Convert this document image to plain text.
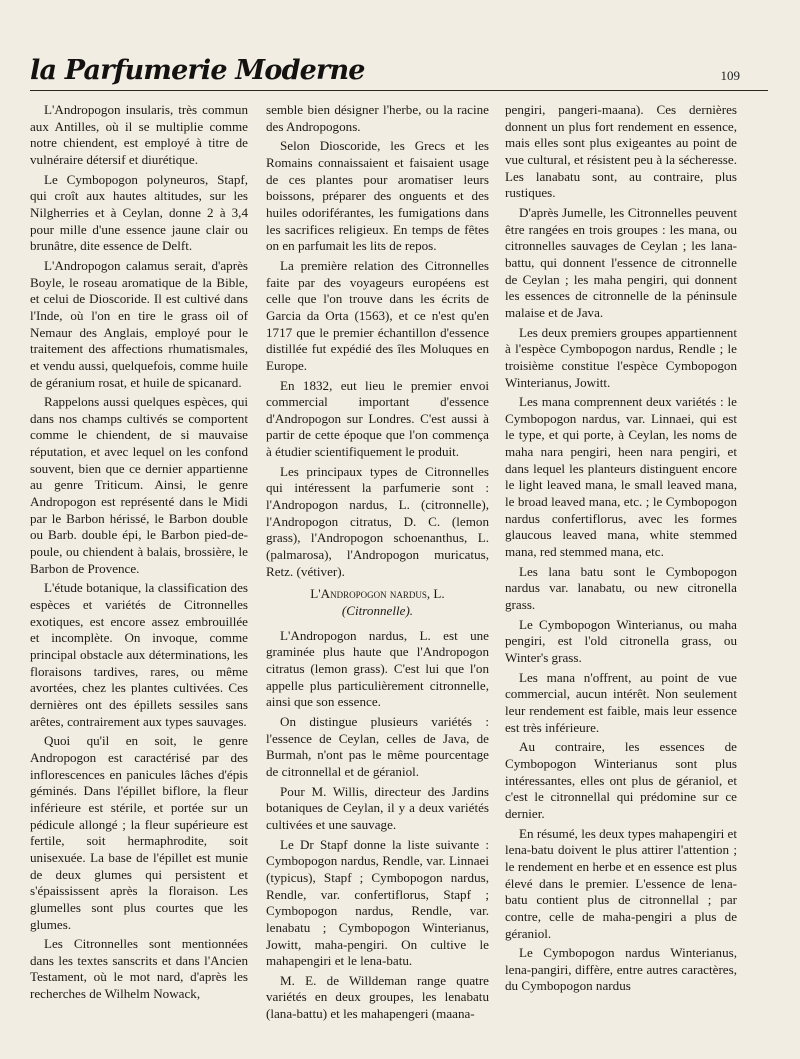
la Parfumerie Moderne	109

L'Andropogon insularis, très commun aux Antilles, où il se multiplie comme notre chiendent, est employé à titre de vulnéraire détersif et diurétique.

Le Cymbopogon polyneuros, Stapf, qui croît aux hautes altitudes, sur les Nilgherries et à Ceylan, donne 2 à 3,4 pour mille d'une essence jaune clair ou brunâtre, dite essence de Delft.

L'Andropogon calamus serait, d'après Boyle, le roseau aromatique de la Bible, et celui de Dioscoride. Il est cultivé dans l'Inde, où l'on en tire le grass oil of Nemaur des Anglais, employé pour le traitement des affections rhumatismales, et vendu aussi, quelquefois, comme huile de géranium rosat, et huile de spicanard.

Rappelons aussi quelques espèces, qui dans nos champs cultivés se comportent comme le chiendent, de si mauvaise réputation, et avec lequel on les confond souvent, bien que ce dernier appartienne au genre Triticum. Ainsi, le genre Andropogon est représenté dans le Midi par le Barbon hérissé, le Barbon double ou Barb. double épi, le Barbon pied-de-poule, ou chiendent à balais, brossière, le Barbon de Provence.

L'étude botanique, la classification des espèces et variétés de Citronnelles exotiques, est encore assez embrouillée et incomplète. On invoque, comme principal obstacle aux déterminations, les floraisons tardives, rares, ou même avortées, chez les plantes cultivées. Ces dernières ont des épillets sessiles sans arêtes, contrairement aux types sauvages.

Quoi qu'il en soit, le genre Andropogon est caractérisé par des inflorescences en panicules lâches d'épis géminés. Dans l'épillet biflore, la fleur inférieure est stérile, et portée sur un pédicule allongé ; la fleur supérieure est fertile, soit hermaphrodite, soit unisexuée. La base de l'épillet est munie de deux glumes qui persistent et s'épaississent après la floraison. Les glumelles sont plus courtes que les glumes.

Les Citronnelles sont mentionnées dans les textes sanscrits et dans l'Ancien Testament, où le mot nard, d'après les recherches de Wilhelm Nowack,

semble bien désigner l'herbe, ou la racine des Andropogons.

Selon Dioscoride, les Grecs et les Romains connaissaient et faisaient usage de ces plantes pour aromatiser leurs boissons, préparer des onguents et des huiles odoriférantes, les fumigations dans les sacrifices religieux. En temps de fêtes on en parfumait les lits de repos.

La première relation des Citronnelles faite par des voyageurs européens est celle que l'on trouve dans les écrits de Garcia da Orta (1563), et ce n'est qu'en 1717 que le premier échantillon d'essence distillée fut expédié des îles Moluques en Europe.

En 1832, eut lieu le premier envoi commercial important d'essence d'Andropogon sur Londres. C'est aussi à partir de cette époque que l'on commença à étudier scientifiquement le produit.

Les principaux types de Citronnelles qui intéressent la parfumerie sont : l'Andropogon nardus, L. (citronnelle), l'Andropogon citratus, D. C. (lemon grass), l'Andropogon schoenanthus, L. (palmarosa), l'Andropogon muricatus, Retz. (vétiver).

L'Andropogon nardus, L.

(Citronnelle).

L'Andropogon nardus, L. est une graminée plus haute que l'Andropogon citratus (lemon grass). C'est lui que l'on appelle plus particulièrement citronnelle, ainsi que son essence.

On distingue plusieurs variétés : l'essence de Ceylan, celles de Java, de Burmah, n'ont pas le même pourcentage de citronnellal et de géraniol.

Pour M. Willis, directeur des Jardins botaniques de Ceylan, il y a deux variétés cultivées et une sauvage.

Le Dr Stapf donne la liste suivante : Cymbopogon nardus, Rendle, var. Linnaei (typicus), Stapf ; Cymbopogon nardus, Rendle, var. confertiflorus, Stapf ; Cymbopogon nardus, Rendle, var. lenabatu ; Cymbopogon Winterianus, Jowitt, maha-pengiri. On cultive le mahapengiri et le lena-batu.

M. E. de Willdeman range quatre variétés en deux groupes, les lenabatu (lana-battu) et les mahapengeri (maana-

pengiri, pangeri-maana). Ces dernières donnent un plus fort rendement en essence, mais elles sont plus exigeantes au point de vue cultural, et résistent peu à la sécheresse. Les lanabatu sont, au contraire, plus rustiques.

D'après Jumelle, les Citronnelles peuvent être rangées en trois groupes : les mana, ou citronnelles sauvages de Ceylan ; les lana-battu, qui donnent l'essence de citronnelle de Ceylan ; les maha pengiri, qui donnent les essences de citronnelle de la péninsule malaise et de Java.

Les deux premiers groupes appartiennent à l'espèce Cymbopogon nardus, Rendle ; le troisième constitue l'espèce Cymbopogon Winterianus, Jowitt.

Les mana comprennent deux variétés : le Cymbopogon nardus, var. Linnaei, qui est le type, et qui porte, à Ceylan, les noms de maha nara pengiri, heen nara pengiri, et dans lequel les planteurs distinguent encore le light leaved mana, le small leaved mana, le broad leaved mana, etc. ; le Cymbopogon nardus confertiflorus, avec les formes glaucous leaved mana, white stemmed mana, red stemmed mana, etc.

Les lana batu sont le Cymbopogon nardus var. lanabatu, ou new citronella grass.

Le Cymbopogon Winterianus, ou maha pengiri, est l'old citronella grass, ou Winter's grass.

Les mana n'offrent, au point de vue commercial, aucun intérêt. Non seulement leur rendement est faible, mais leur essence est très inférieure.

Au contraire, les essences de Cymbopogon Winterianus sont plus intéressantes, elles ont plus de géraniol, et c'est le citronnellal qui prédomine sur ce dernier.

En résumé, les deux types mahapengiri et lena-batu doivent le plus attirer l'attention ; le rendement en herbe et en essence est plus élevé dans le premier. L'essence de lena-batu contient plus de citronnellal ; par contre, celle de maha-pengiri a plus de géraniol.

Le Cymbopogon nardus Winterianus, lena-pangiri, diffère, entre autres caractères, du Cymbopogon nardus
